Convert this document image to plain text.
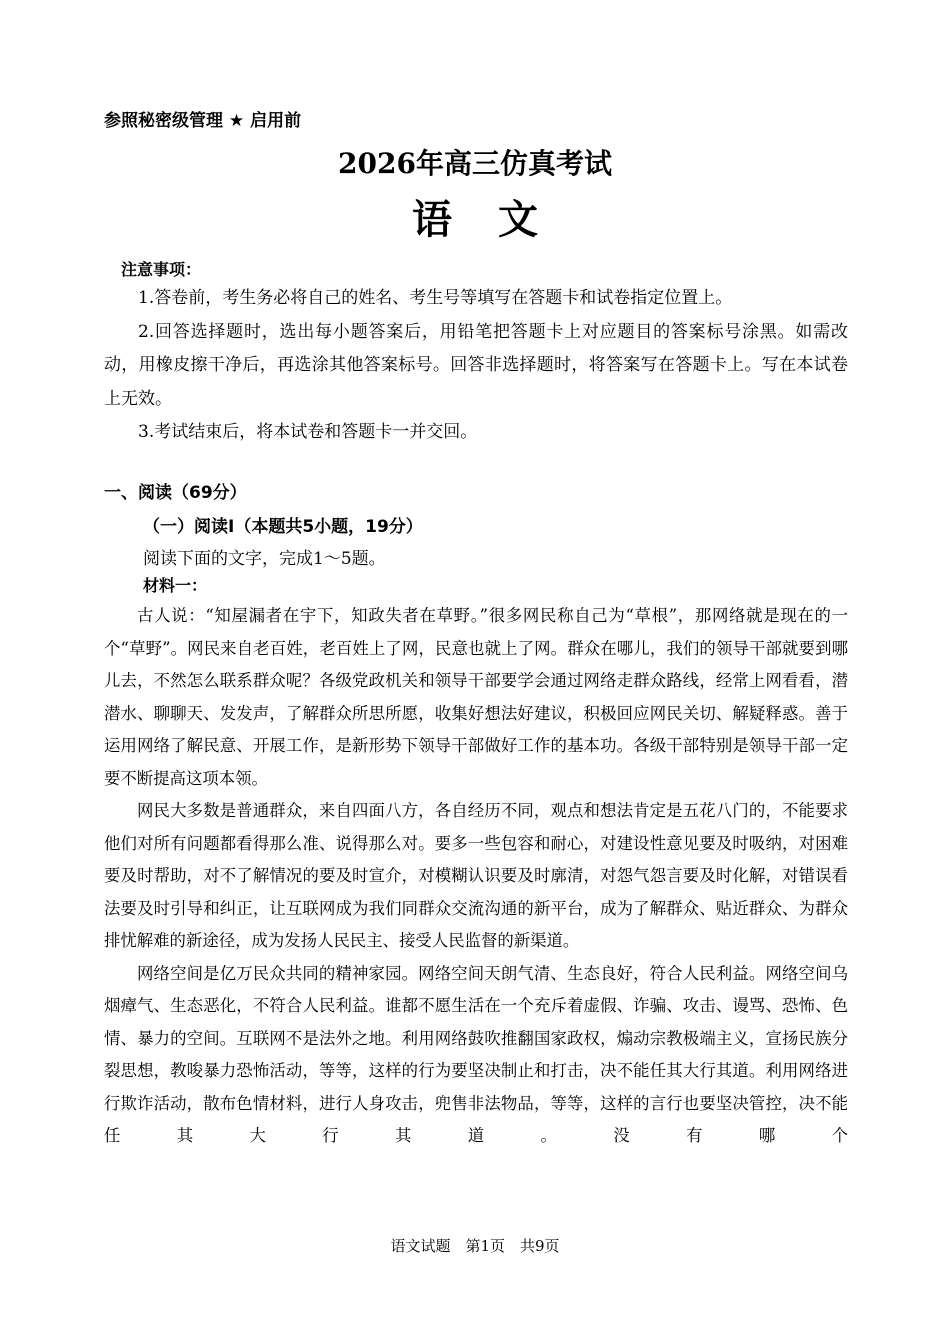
参照秘密级管理 ★ 启用前
2026年高三仿真考试
语文
注意事项：

1.答卷前，考生务必将自己的姓名、考生号等填写在答题卡和试卷指定位置上。

2.回答选择题时，选出每小题答案后，用铅笔把答题卡上对应题目的答案标号涂黑。如需改动，用橡皮擦干净后，再选涂其他答案标号。回答非选择题时，将答案写在答题卡上。写在本试卷上无效。

3.考试结束后，将本试卷和答题卡一并交回。

一、阅读（69分）
（一）阅读Ⅰ（本题共5小题，19分）
阅读下面的文字，完成1～5题。
材料一：

古人说：“知屋漏者在宇下，知政失者在草野。”很多网民称自己为“草根”，那网络就是现在的一个“草野”。网民来自老百姓，老百姓上了网，民意也就上了网。群众在哪儿，我们的领导干部就要到哪儿去，不然怎么联系群众呢？各级党政机关和领导干部要学会通过网络走群众路线，经常上网看看，潜潜水、聊聊天、发发声，了解群众所思所愿，收集好想法好建议，积极回应网民关切、解疑释惑。善于运用网络了解民意、开展工作，是新形势下领导干部做好工作的基本功。各级干部特别是领导干部一定要不断提高这项本领。

网民大多数是普通群众，来自四面八方，各自经历不同，观点和想法肯定是五花八门的，不能要求他们对所有问题都看得那么准、说得那么对。要多一些包容和耐心，对建设性意见要及时吸纳，对困难要及时帮助，对不了解情况的要及时宣介，对模糊认识要及时廓清，对怨气怨言要及时化解，对错误看法要及时引导和纠正，让互联网成为我们同群众交流沟通的新平台，成为了解群众、贴近群众、为群众排忧解难的新途径，成为发扬人民民主、接受人民监督的新渠道。

网络空间是亿万民众共同的精神家园。网络空间天朗气清、生态良好，符合人民利益。网络空间乌烟瘴气、生态恶化，不符合人民利益。谁都不愿生活在一个充斥着虚假、诈骗、攻击、谩骂、恐怖、色情、暴力的空间。互联网不是法外之地。利用网络鼓吹推翻国家政权，煽动宗教极端主义，宣扬民族分裂思想，教唆暴力恐怖活动，等等，这样的行为要坚决制止和打击，决不能任其大行其道。利用网络进行欺诈活动，散布色情材料，进行人身攻击，兜售非法物品，等等，这样的言行也要坚决管控，决不能任其大行其道。没有哪个

语文试题　第1页　共9页
